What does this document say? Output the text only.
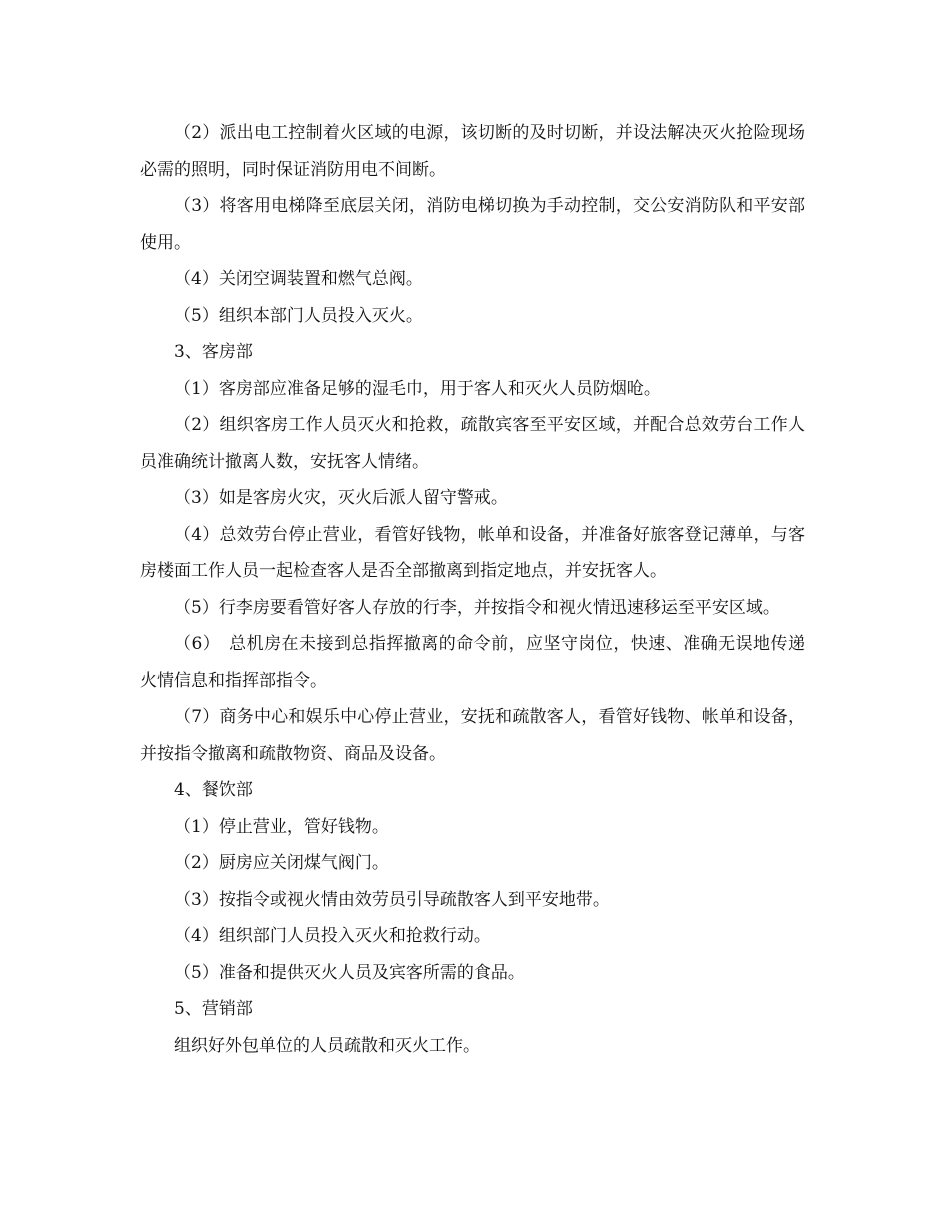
（2）派出电工控制着火区域的电源，该切断的及时切断，并设法解决灭火抢险现场必需的照明，同时保证消防用电不间断。

（3）将客用电梯降至底层关闭，消防电梯切换为手动控制，交公安消防队和平安部使用。

（4）关闭空调装置和燃气总阀。

（5）组织本部门人员投入灭火。

3、客房部

（1）客房部应准备足够的湿毛巾，用于客人和灭火人员防烟呛。

（2）组织客房工作人员灭火和抢救，疏散宾客至平安区域，并配合总效劳台工作人员准确统计撤离人数，安抚客人情绪。

（3）如是客房火灾，灭火后派人留守警戒。

（4）总效劳台停止营业，看管好钱物，帐单和设备，并准备好旅客登记薄单，与客房楼面工作人员一起检查客人是否全部撤离到指定地点，并安抚客人。

（5）行李房要看管好客人存放的行李，并按指令和视火情迅速移运至平安区域。

（6）　总机房在未接到总指挥撤离的命令前，应坚守岗位，快速、准确无误地传递火情信息和指挥部指令。

（7）商务中心和娱乐中心停止营业，安抚和疏散客人，看管好钱物、帐单和设备，并按指令撤离和疏散物资、商品及设备。

4、餐饮部

（1）停止营业，管好钱物。

（2）厨房应关闭煤气阀门。

（3）按指令或视火情由效劳员引导疏散客人到平安地带。

（4）组织部门人员投入灭火和抢救行动。

（5）准备和提供灭火人员及宾客所需的食品。

5、营销部

组织好外包单位的人员疏散和灭火工作。
